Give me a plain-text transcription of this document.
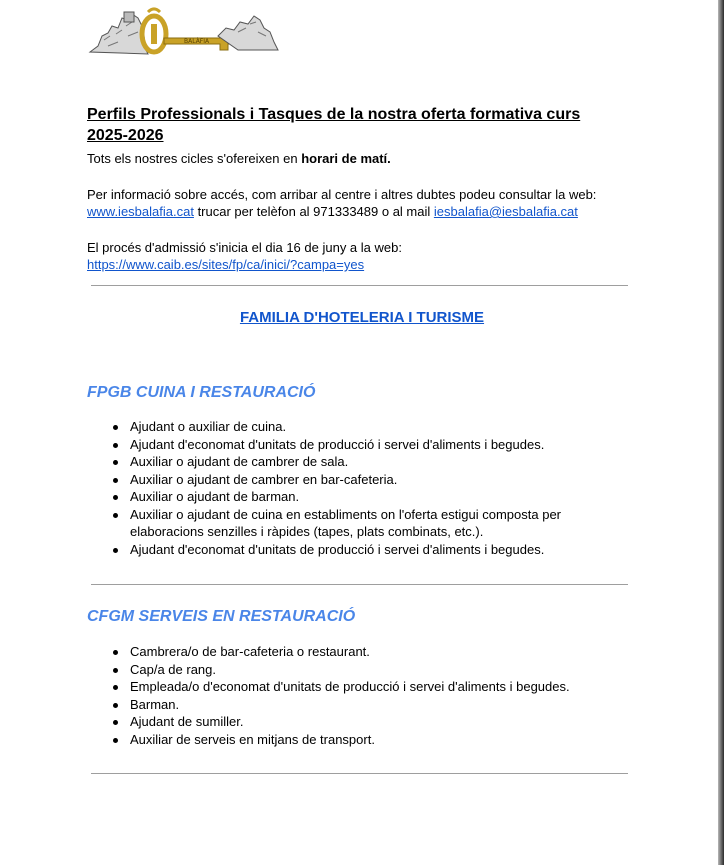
BALÀFIA
Perfils Professionals i Tasques de la nostra oferta formativa curs 2025-2026
Tots els nostres cicles s'ofereixen en horari de matí.
Per informació sobre accés, com arribar al centre i altres dubtes podeu consultar la web:
www.iesbalafia.cat trucar per telèfon al 971333489 o al mail iesbalafia@iesbalafia.cat
El procés d'admissió s'inicia el dia 16 de juny a la web:
https://www.caib.es/sites/fp/ca/inici/?campa=yes
FAMILIA D'HOTELERIA I TURISME
FPGB CUINA I RESTAURACIÓ
Ajudant o auxiliar de cuina.
Ajudant d'economat d'unitats de producció i servei d'aliments i begudes.
Auxiliar o ajudant de cambrer de sala.
Auxiliar o ajudant de cambrer en bar-cafeteria.
Auxiliar o ajudant de barman.
Auxiliar o ajudant de cuina en establiments on l'oferta estigui composta per elaboracions senzilles i ràpides (tapes, plats combinats, etc.).
Ajudant d'economat d'unitats de producció i servei d'aliments i begudes.
CFGM SERVEIS EN RESTAURACIÓ
Cambrera/o de bar-cafeteria o restaurant.
Cap/a de rang.
Empleada/o d'economat d'unitats de producció i servei d'aliments i begudes.
Barman.
Ajudant de sumiller.
Auxiliar de serveis en mitjans de transport.
